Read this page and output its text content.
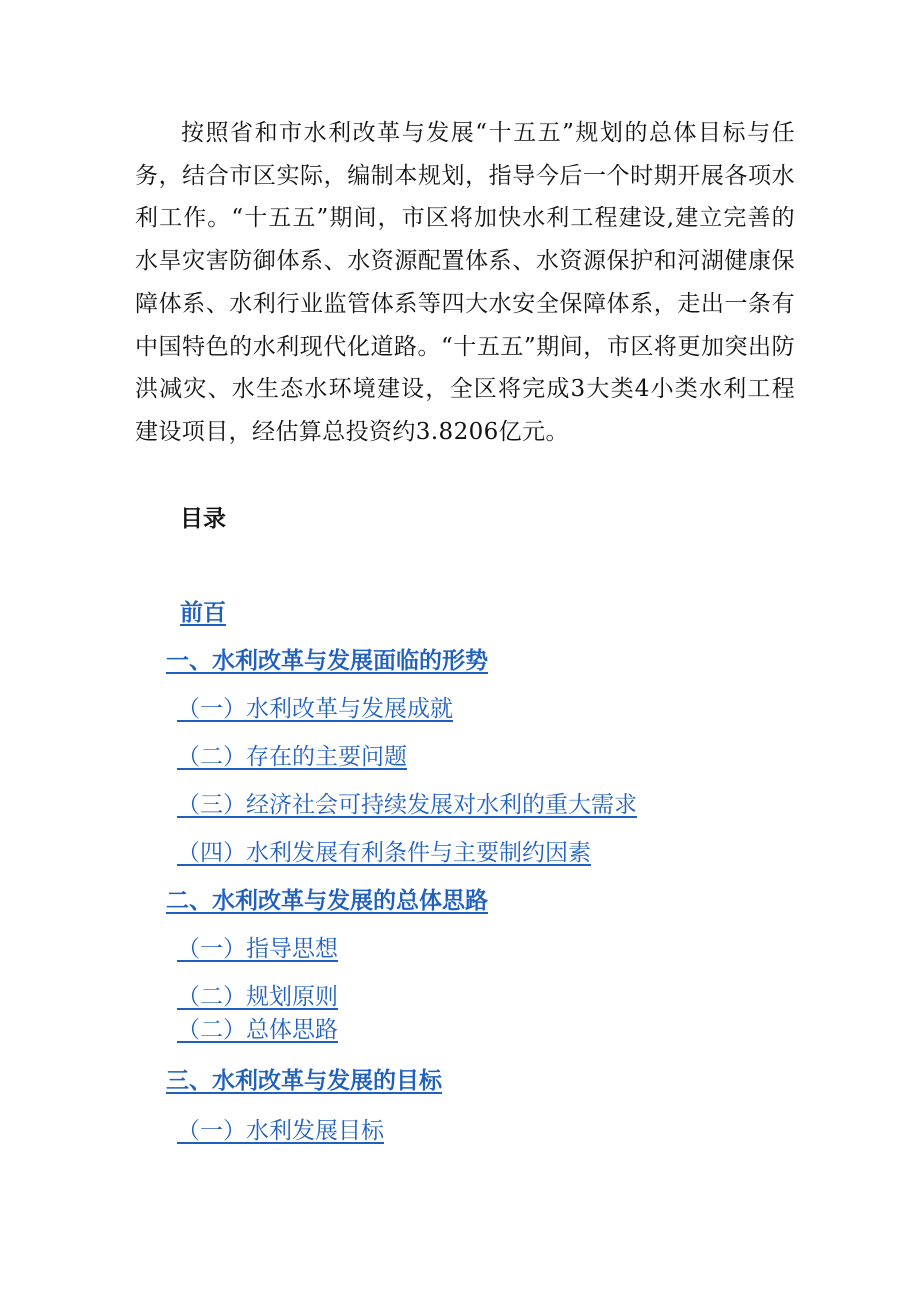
按照省和市水利改革与发展“十五五”规划的总体目标与任务，结合市区实际，编制本规划，指导今后一个时期开展各项水利工作。“十五五”期间，市区将加快水利工程建设,建立完善的水旱灾害防御体系、水资源配置体系、水资源保护和河湖健康保障体系、水利行业监管体系等四大水安全保障体系，走出一条有中国特色的水利现代化道路。“十五五”期间，市区将更加突出防洪减灾、水生态水环境建设，全区将完成3大类4小类水利工程建设项目，经估算总投资约3.8206亿元。

目录
前百
一、水利改革与发展面临的形势
（一）水利改革与发展成就
（二）存在的主要问题
（三）经济社会可持续发展对水利的重大需求
（四）水利发展有利条件与主要制约因素
二、水利改革与发展的总体思路
（一）指导思想
（二）规划原则
（二）总体思路
三、水利改革与发展的目标
（一）水利发展目标
